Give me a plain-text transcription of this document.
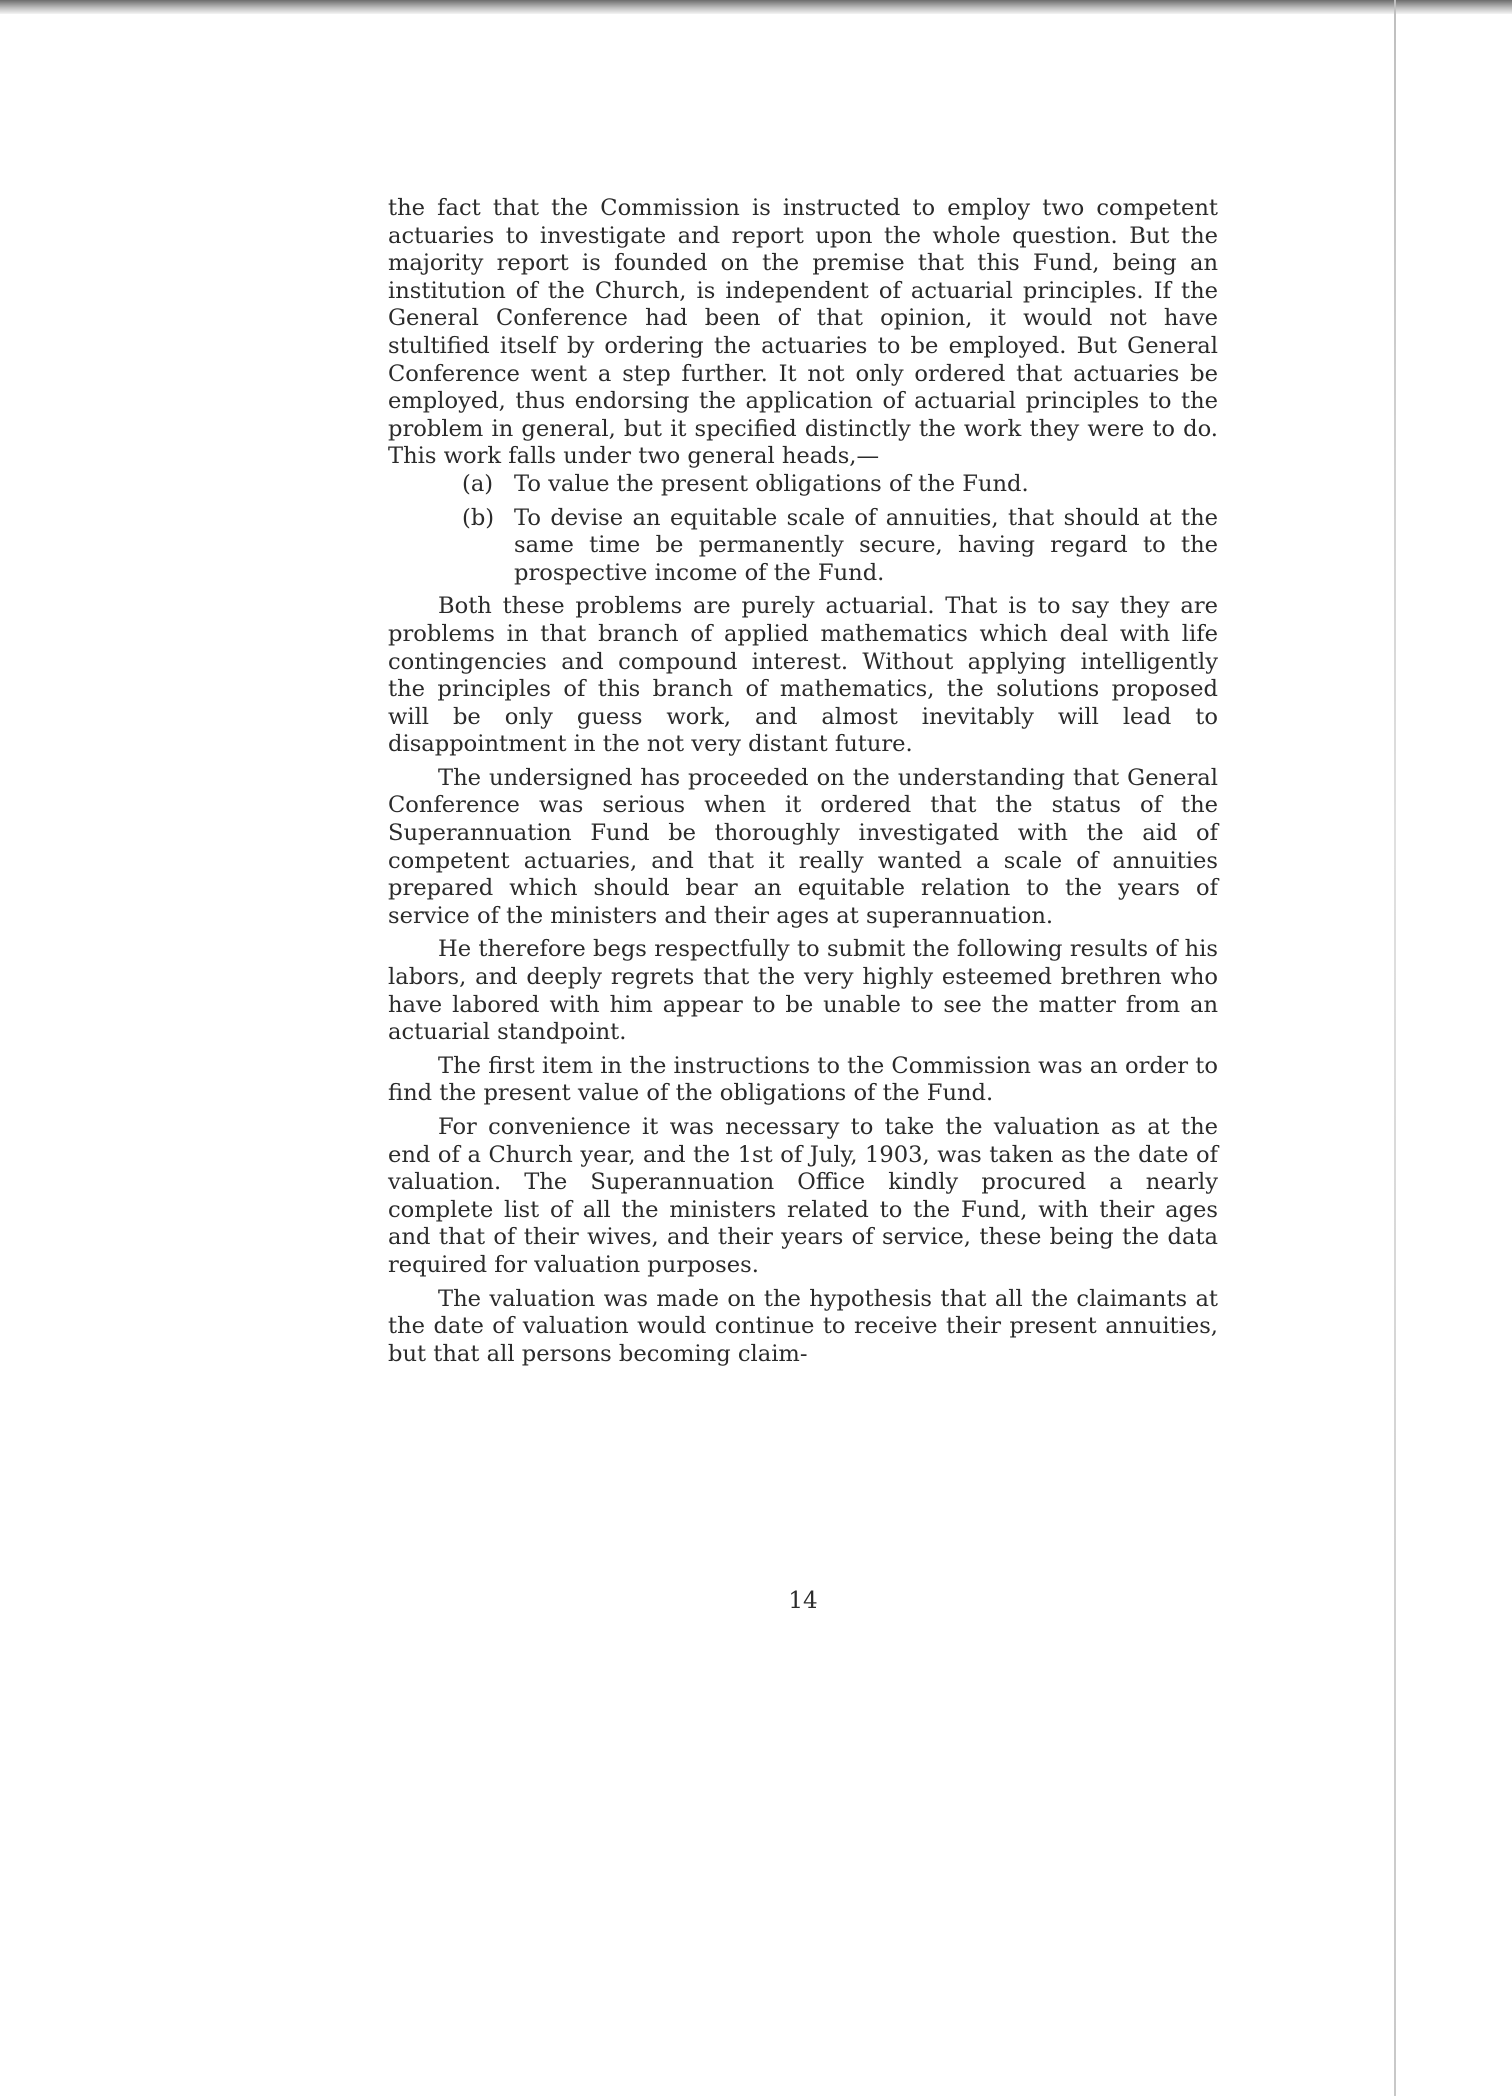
the fact that the Commission is instructed to employ two competent actuaries to investigate and report upon the whole question. But the majority report is founded on the premise that this Fund, being an institution of the Church, is independent of actuarial principles. If the General Conference had been of that opinion, it would not have stultified itself by ordering the actuaries to be employed. But General Conference went a step further. It not only ordered that actuaries be employed, thus endorsing the application of actuarial principles to the problem in general, but it specified distinctly the work they were to do. This work falls under two general heads,—

(a) To value the present obligations of the Fund.
(b) To devise an equitable scale of annuities, that should at the same time be permanently secure, having regard to the prospective income of the Fund.

Both these problems are purely actuarial. That is to say they are problems in that branch of applied mathematics which deal with life contingencies and compound interest. Without applying intelligently the principles of this branch of mathematics, the solutions proposed will be only guess work, and almost inevitably will lead to disappointment in the not very distant future.

The undersigned has proceeded on the understanding that General Conference was serious when it ordered that the status of the Superannuation Fund be thoroughly investigated with the aid of competent actuaries, and that it really wanted a scale of annuities prepared which should bear an equitable relation to the years of service of the ministers and their ages at superannuation.

He therefore begs respectfully to submit the following results of his labors, and deeply regrets that the very highly esteemed brethren who have labored with him appear to be unable to see the matter from an actuarial standpoint.

The first item in the instructions to the Commission was an order to find the present value of the obligations of the Fund.

For convenience it was necessary to take the valuation as at the end of a Church year, and the 1st of July, 1903, was taken as the date of valuation. The Superannuation Office kindly procured a nearly complete list of all the ministers related to the Fund, with their ages and that of their wives, and their years of service, these being the data required for valuation purposes.

The valuation was made on the hypothesis that all the claimants at the date of valuation would continue to receive their present annuities, but that all persons becoming claim-

14
